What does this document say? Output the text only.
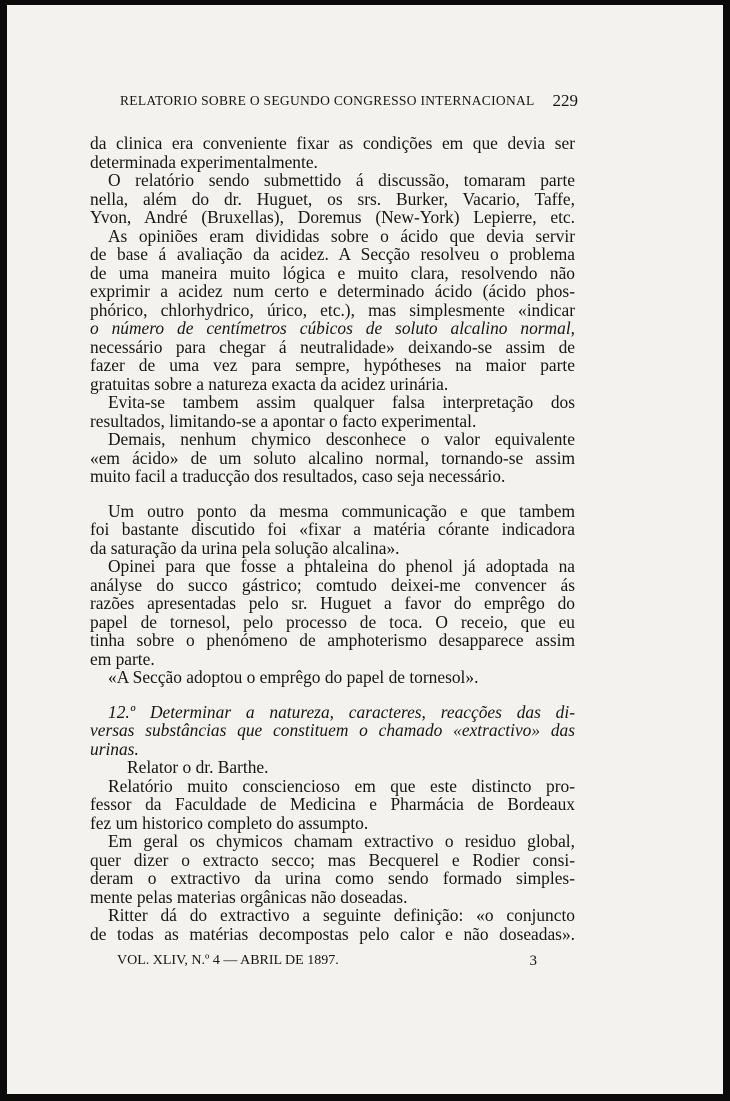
RELATORIO SOBRE O SEGUNDO CONGRESSO INTERNACIONAL 229
da clinica era conveniente fixar as condições em que devia ser
determinada experimentalmente.
O relatório sendo submettido á discussão, tomaram parte
nella, além do dr. Huguet, os srs. Burker, Vacario, Taffe,
Yvon, André (Bruxellas), Doremus (New-York) Lepierre, etc.
As opiniões eram divididas sobre o ácido que devia servir
de base á avaliação da acidez. A Secção resolveu o problema
de uma maneira muito lógica e muito clara, resolvendo não
exprimir a acidez num certo e determinado ácido (ácido phos-
phórico, chlorhydrico, úrico, etc.), mas simplesmente «indicar
o número de centímetros cúbicos de soluto alcalino normal,
necessário para chegar á neutralidade» deixando-se assim de
fazer de uma vez para sempre, hypótheses na maior parte
gratuitas sobre a natureza exacta da acidez urinária.
Evita-se tambem assim qualquer falsa interpretação dos
resultados, limitando-se a apontar o facto experimental.
Demais, nenhum chymico desconhece o valor equivalente
«em ácido» de um soluto alcalino normal, tornando-se assim
muito facil a traducção dos resultados, caso seja necessário.
Um outro ponto da mesma communicação e que tambem
foi bastante discutido foi «fixar a matéria córante indicadora
da saturação da urina pela solução alcalina».
Opinei para que fosse a phtaleina do phenol já adoptada na
anályse do succo gástrico; comtudo deixei-me convencer ás
razões apresentadas pelo sr. Huguet a favor do emprêgo do
papel de tornesol, pelo processo de toca. O receio, que eu
tinha sobre o phenómeno de amphoterismo desapparece assim
em parte.
«A Secção adoptou o emprêgo do papel de tornesol».
12.º Determinar a natureza, caracteres, reacções das di-
versas substâncias que constituem o chamado «extractivo» das
urinas.
Relator o dr. Barthe.
Relatório muito consciencioso em que este distincto pro-
fessor da Faculdade de Medicina e Pharmácia de Bordeaux
fez um historico completo do assumpto.
Em geral os chymicos chamam extractivo o residuo global,
quer dizer o extracto secco; mas Becquerel e Rodier consi-
deram o extractivo da urina como sendo formado simples-
mente pelas materias orgânicas não doseadas.
Ritter dá do extractivo a seguinte definição: «o conjuncto
de todas as matérias decompostas pelo calor e não doseadas».
VOL. XLIV, N.º 4 — ABRIL DE 1897.	3
